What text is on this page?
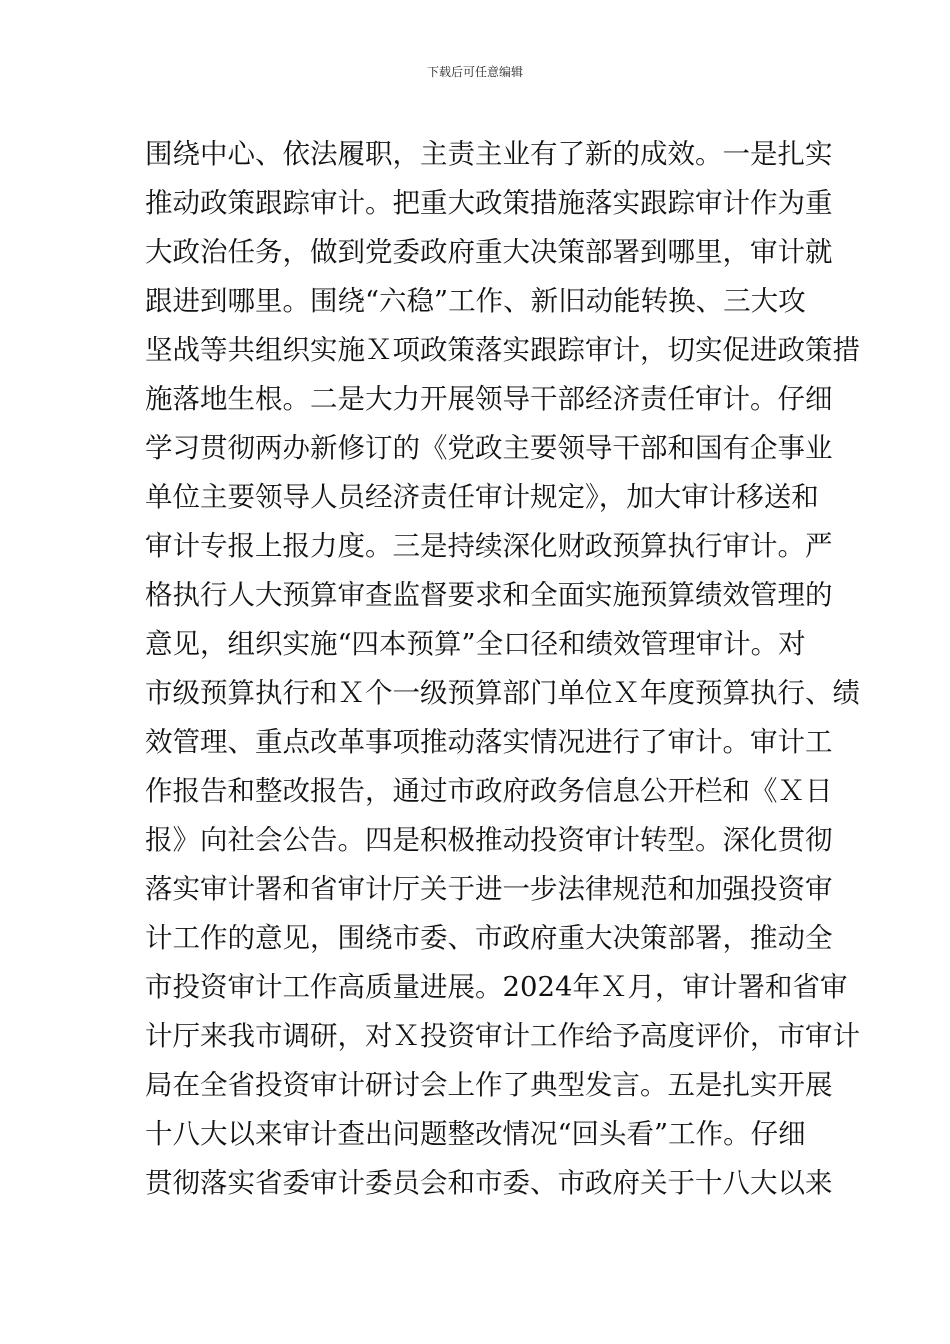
下载后可任意编辑
围绕中心、依法履职，主责主业有了新的成效。一是扎实
推动政策跟踪审计。把重大政策措施落实跟踪审计作为重
大政治任务，做到党委政府重大决策部署到哪里，审计就
跟进到哪里。围绕“六稳”工作、新旧动能转换、三大攻
坚战等共组织实施Ｘ项政策落实跟踪审计，切实促进政策措
施落地生根。二是大力开展领导干部经济责任审计。仔细
学习贯彻两办新修订的《党政主要领导干部和国有企事业
单位主要领导人员经济责任审计规定》，加大审计移送和
审计专报上报力度。三是持续深化财政预算执行审计。严
格执行人大预算审查监督要求和全面实施预算绩效管理的
意见，组织实施“四本预算”全口径和绩效管理审计。对
市级预算执行和Ｘ个一级预算部门单位Ｘ年度预算执行、绩
效管理、重点改革事项推动落实情况进行了审计。审计工
作报告和整改报告，通过市政府政务信息公开栏和《Ｘ日
报》向社会公告。四是积极推动投资审计转型。深化贯彻
落实审计署和省审计厅关于进一步法律规范和加强投资审
计工作的意见，围绕市委、市政府重大决策部署，推动全
市投资审计工作高质量进展。2024年Ｘ月，审计署和省审
计厅来我市调研，对Ｘ投资审计工作给予高度评价，市审计
局在全省投资审计研讨会上作了典型发言。五是扎实开展
十八大以来审计查出问题整改情况“回头看”工作。仔细
贯彻落实省委审计委员会和市委、市政府关于十八大以来
